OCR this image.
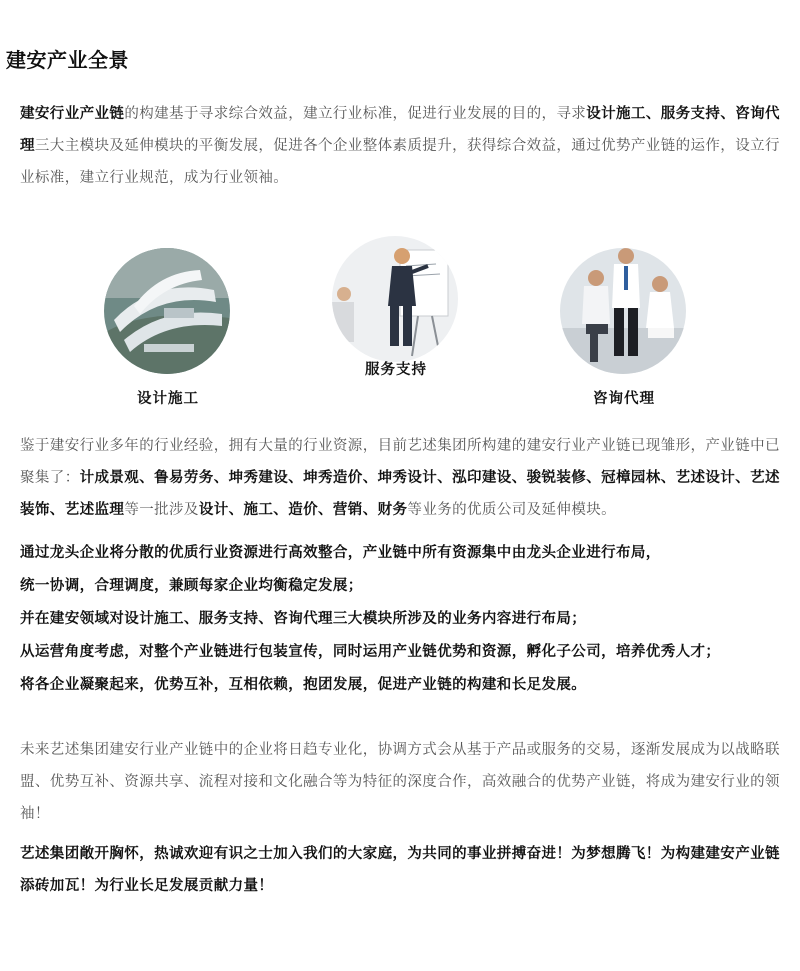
建安产业全景
建安行业产业链的构建基于寻求综合效益，建立行业标准，促进行业发展的目的，寻求设计施工、服务支持、咨询代理三大主模块及延伸模块的平衡发展，促进各个企业整体素质提升，获得综合效益，通过优势产业链的运作，设立行业标准，建立行业规范，成为行业领袖。
设计施工
服务支持
咨询代理
鉴于建安行业多年的行业经验，拥有大量的行业资源，目前艺述集团所构建的建安行业产业链已现雏形，产业链中已聚集了：计成景观、鲁易劳务、坤秀建设、坤秀造价、坤秀设计、泓印建设、骏锐装修、冠樟园林、艺述设计、艺述装饰、艺述监理等一批涉及设计、施工、造价、营销、财务等业务的优质公司及延伸模块。
通过龙头企业将分散的优质行业资源进行高效整合，产业链中所有资源集中由龙头企业进行布局，
统一协调，合理调度，兼顾每家企业均衡稳定发展；
并在建安领域对设计施工、服务支持、咨询代理三大模块所涉及的业务内容进行布局；
从运营角度考虑，对整个产业链进行包装宣传，同时运用产业链优势和资源，孵化子公司，培养优秀人才；
将各企业凝聚起来，优势互补，互相依赖，抱团发展，促进产业链的构建和长足发展。
未来艺述集团建安行业产业链中的企业将日趋专业化，协调方式会从基于产品或服务的交易，逐渐发展成为以战略联盟、优势互补、资源共享、流程对接和文化融合等为特征的深度合作，高效融合的优势产业链，将成为建安行业的领袖！
艺述集团敞开胸怀，热诚欢迎有识之士加入我们的大家庭，为共同的事业拼搏奋进！为梦想腾飞！为构建建安产业链添砖加瓦！为行业长足发展贡献力量！
